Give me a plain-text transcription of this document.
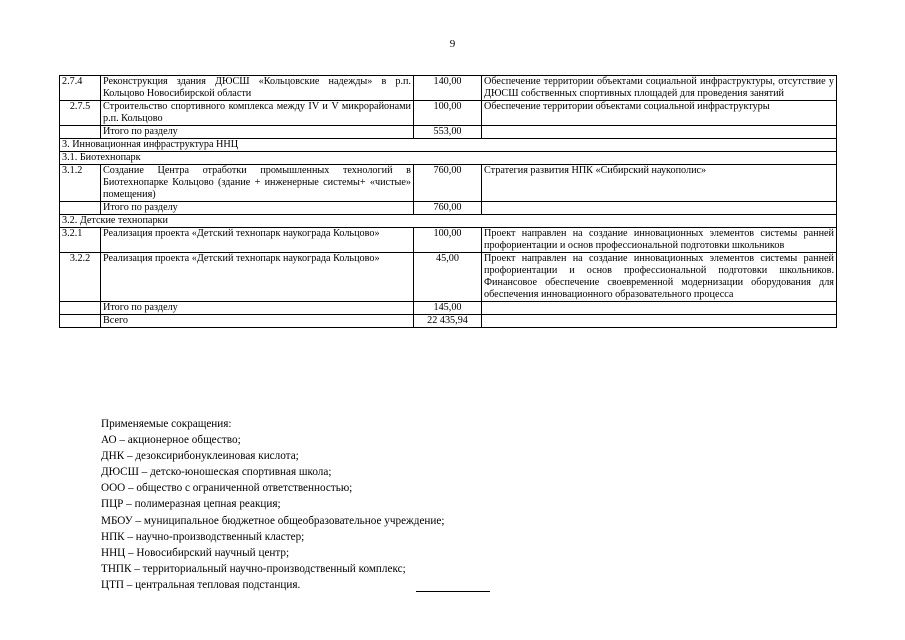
9
2.7.4	Реконструкция здания ДЮСШ «Кольцовские надежды» в р.п. Кольцово Новосибирской области	140,00	Обеспечение территории объектами социальной инфраструктуры, отсутствие у ДЮСШ собственных спортивных площадей для проведения занятий
2.7.5	Строительство спортивного комплекса между IV и V микрорайонами р.п. Кольцово	100,00	Обеспечение территории объектами социальной инфраструктуры
	Итого по разделу	553,00	
3. Инновационная инфраструктура ННЦ			
3.1. Биотехнопарк			
3.1.2	Создание Центра отработки промышленных технологий в Биотехнопарке Кольцово (здание + инженерные системы+ «чистые» помещения)	760,00	Стратегия развития НПК «Сибирский наукополис»
	Итого по разделу	760,00	
3.2. Детские технопарки			
3.2.1	Реализация проекта «Детский технопарк наукограда Кольцово»	100,00	Проект направлен на создание инновационных элементов системы ранней профориентации и основ профессиональной подготовки школьников
3.2.2	Реализация проекта «Детский технопарк наукограда Кольцово»	45,00	Проект направлен на создание инновационных элементов системы ранней профориентации и основ профессиональной подготовки школьников. Финансовое обеспечение своевременной модернизации оборудования для обеспечения инновационного образовательного процесса
	Итого по разделу	145,00	
	Всего	22 435,94	
Применяемые сокращения:
АО – акционерное общество;
ДНК – дезоксирибонуклеиновая кислота;
ДЮСШ – детско-юношеская спортивная школа;
ООО – общество с ограниченной ответственностью;
ПЦР – полимеразная цепная реакция;
МБОУ – муниципальное бюджетное общеобразовательное учреждение;
НПК – научно-производственный кластер;
ННЦ – Новосибирский научный центр;
ТНПК – территориальный научно-производственный комплекс;
ЦТП – центральная тепловая подстанция.
